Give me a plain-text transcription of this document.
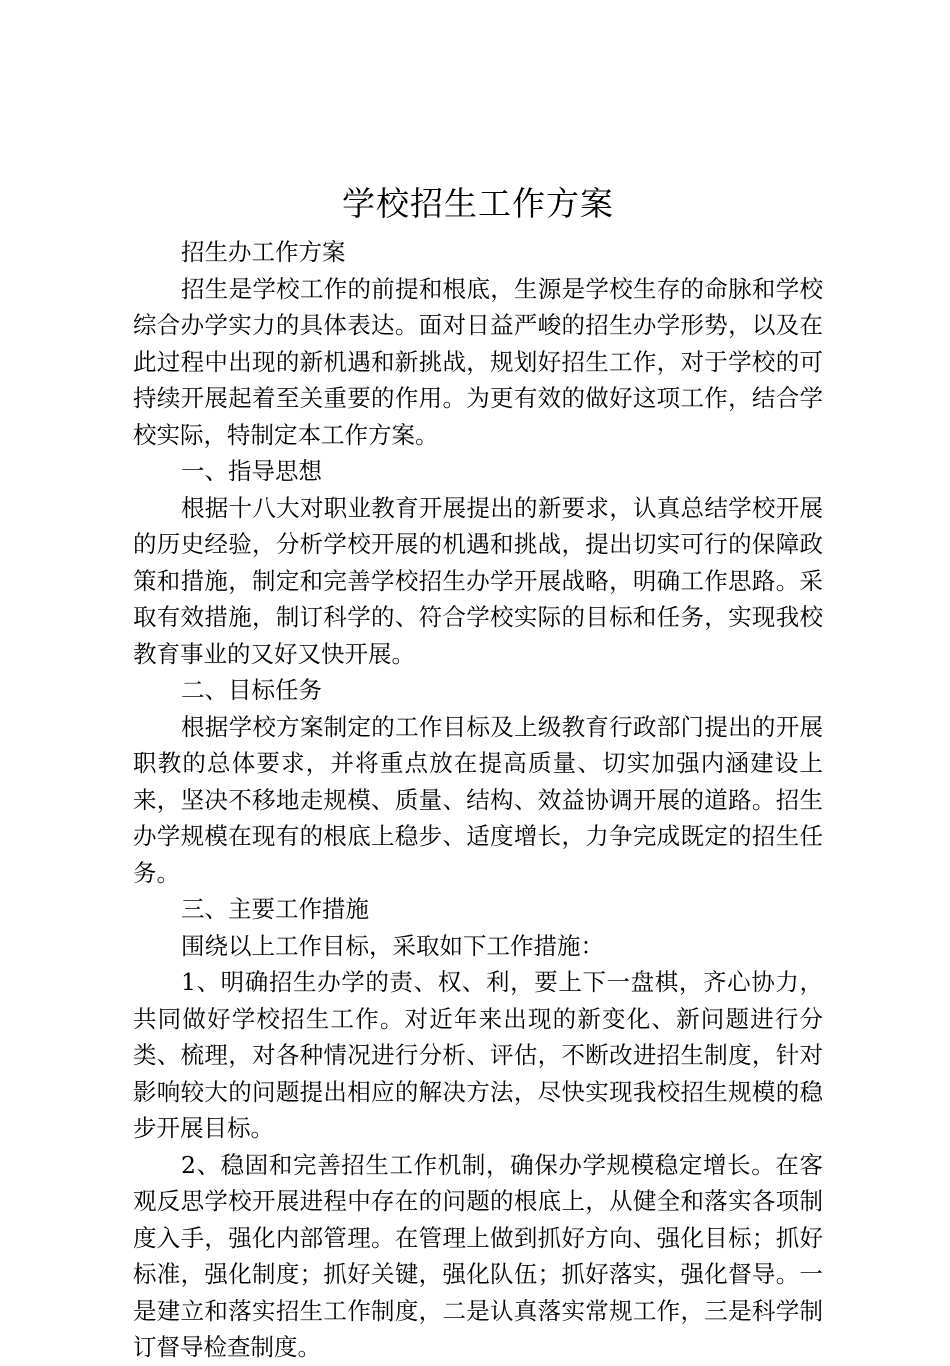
学校招生工作方案

招生办工作方案

招生是学校工作的前提和根底，生源是学校生存的命脉和学校综合办学实力的具体表达。面对日益严峻的招生办学形势，以及在此过程中出现的新机遇和新挑战，规划好招生工作，对于学校的可持续开展起着至关重要的作用。为更有效的做好这项工作，结合学校实际，特制定本工作方案。

一、指导思想

根据十八大对职业教育开展提出的新要求，认真总结学校开展的历史经验，分析学校开展的机遇和挑战，提出切实可行的保障政策和措施，制定和完善学校招生办学开展战略，明确工作思路。采取有效措施，制订科学的、符合学校实际的目标和任务，实现我校教育事业的又好又快开展。

二、目标任务

根据学校方案制定的工作目标及上级教育行政部门提出的开展职教的总体要求，并将重点放在提高质量、切实加强内涵建设上来，坚决不移地走规模、质量、结构、效益协调开展的道路。招生办学规模在现有的根底上稳步、适度增长，力争完成既定的招生任务。

三、主要工作措施

围绕以上工作目标，采取如下工作措施：

1、明确招生办学的责、权、利，要上下一盘棋，齐心协力，共同做好学校招生工作。对近年来出现的新变化、新问题进行分类、梳理，对各种情况进行分析、评估，不断改进招生制度，针对影响较大的问题提出相应的解决方法，尽快实现我校招生规模的稳步开展目标。

2、稳固和完善招生工作机制，确保办学规模稳定增长。在客观反思学校开展进程中存在的问题的根底上，从健全和落实各项制度入手，强化内部管理。在管理上做到抓好方向、强化目标；抓好标准，强化制度；抓好关键，强化队伍；抓好落实，强化督导。一是建立和落实招生工作制度，二是认真落实常规工作，三是科学制订督导检查制度。
